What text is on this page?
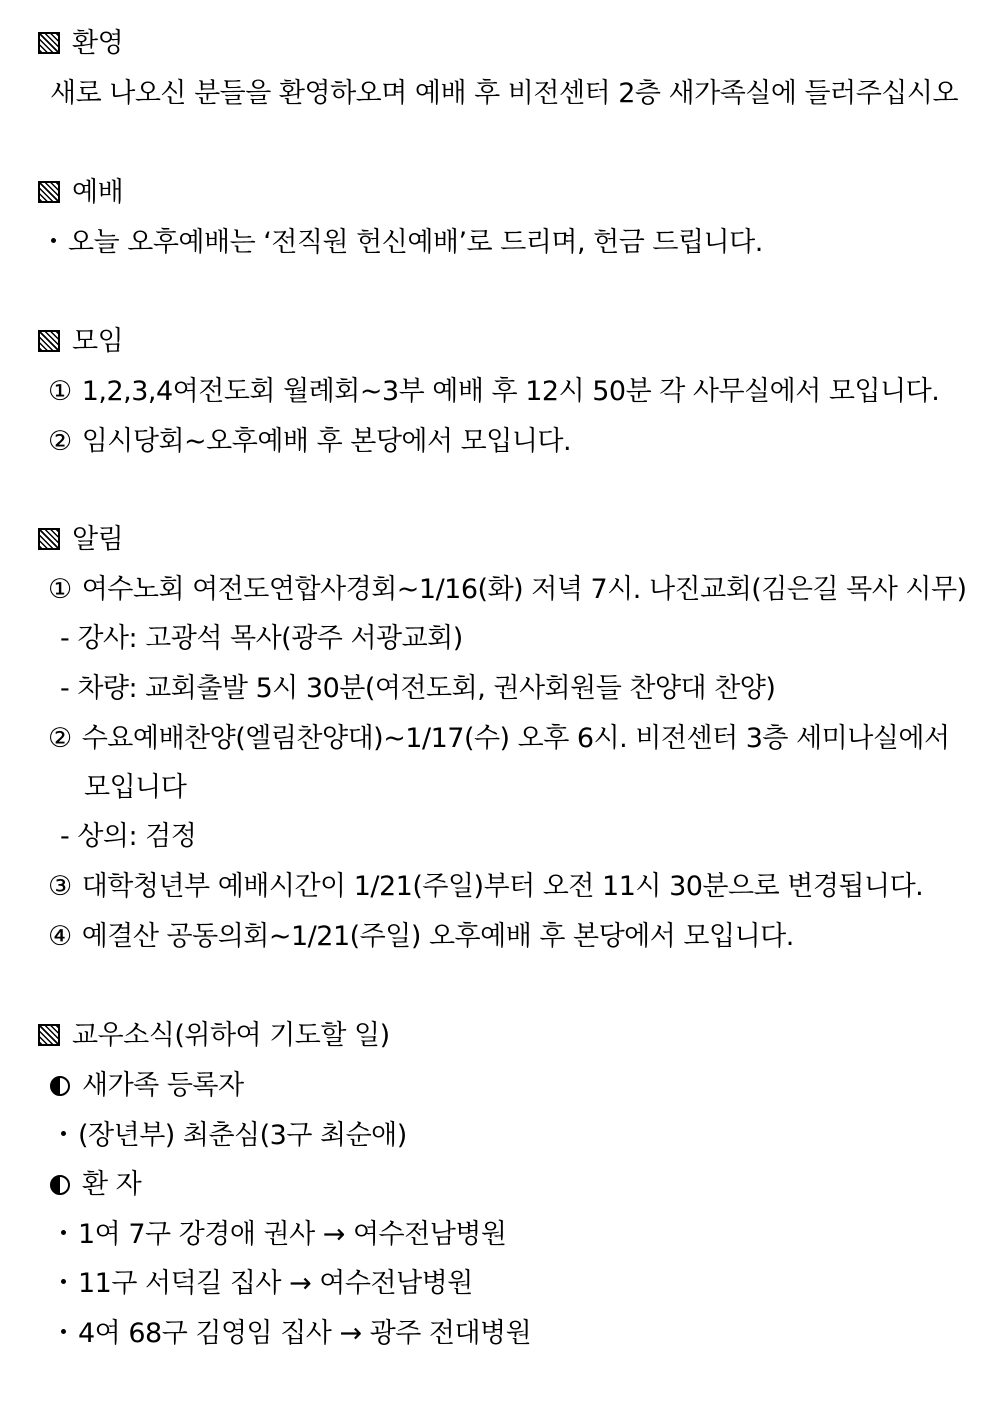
환영
새로 나오신 분들을 환영하오며 예배 후 비전센터 2층 새가족실에 들러주십시오
예배
・오늘 오후예배는 ‘전직원 헌신예배’로 드리며, 헌금 드립니다.
모임
① 1,2,3,4여전도회 월례회~3부 예배 후 12시 50분 각 사무실에서 모입니다.
② 임시당회~오후예배 후 본당에서 모입니다.
알림
① 여수노회 여전도연합사경회~1/16(화) 저녁 7시. 나진교회(김은길 목사 시무)
- 강사: 고광석 목사(광주 서광교회)
- 차량: 교회출발 5시 30분(여전도회, 권사회원들 찬양대 찬양)
② 수요예배찬양(엘림찬양대)~1/17(수) 오후 6시. 비전센터 3층 세미나실에서
모입니다
- 상의: 검정
③ 대학청년부 예배시간이 1/21(주일)부터 오전 11시 30분으로 변경됩니다.
④ 예결산 공동의회~1/21(주일) 오후예배 후 본당에서 모입니다.
교우소식(위하여 기도할 일)
새가족 등록자
・(장년부) 최춘심(3구 최순애)
환 자
・1여 7구 강경애 권사 → 여수전남병원
・11구 서덕길 집사 → 여수전남병원
・4여 68구 김영임 집사 → 광주 전대병원
